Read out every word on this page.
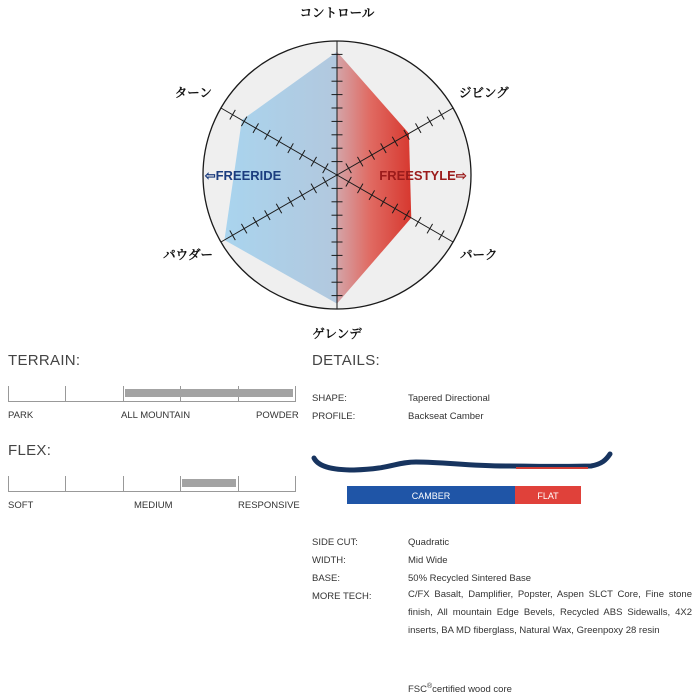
コントロール
ジビング
パーク
ゲレンデ
パウダー
ターン
⇦FREERIDE	FREESTYLE⇨
TERRAIN:
PARK	ALL MOUNTAIN	POWDER
FLEX:
SOFT	MEDIUM	RESPONSIVE
DETAILS:
SHAPE:	Tapered Directional
PROFILE:	Backseat Camber
CAMBER	FLAT
SIDE CUT:	Quadratic
WIDTH:	Mid Wide
BASE:	50% Recycled Sintered Base
MORE TECH:	C/FX Basalt, Damplifier, Popster, Aspen SLCT Core, Fine stone finish, All mountain Edge Bevels, Recycled ABS Sidewalls, 4X2 inserts, BA MD fiberglass, Natural Wax, Greenpoxy 28 resin
FSC®certified wood core
